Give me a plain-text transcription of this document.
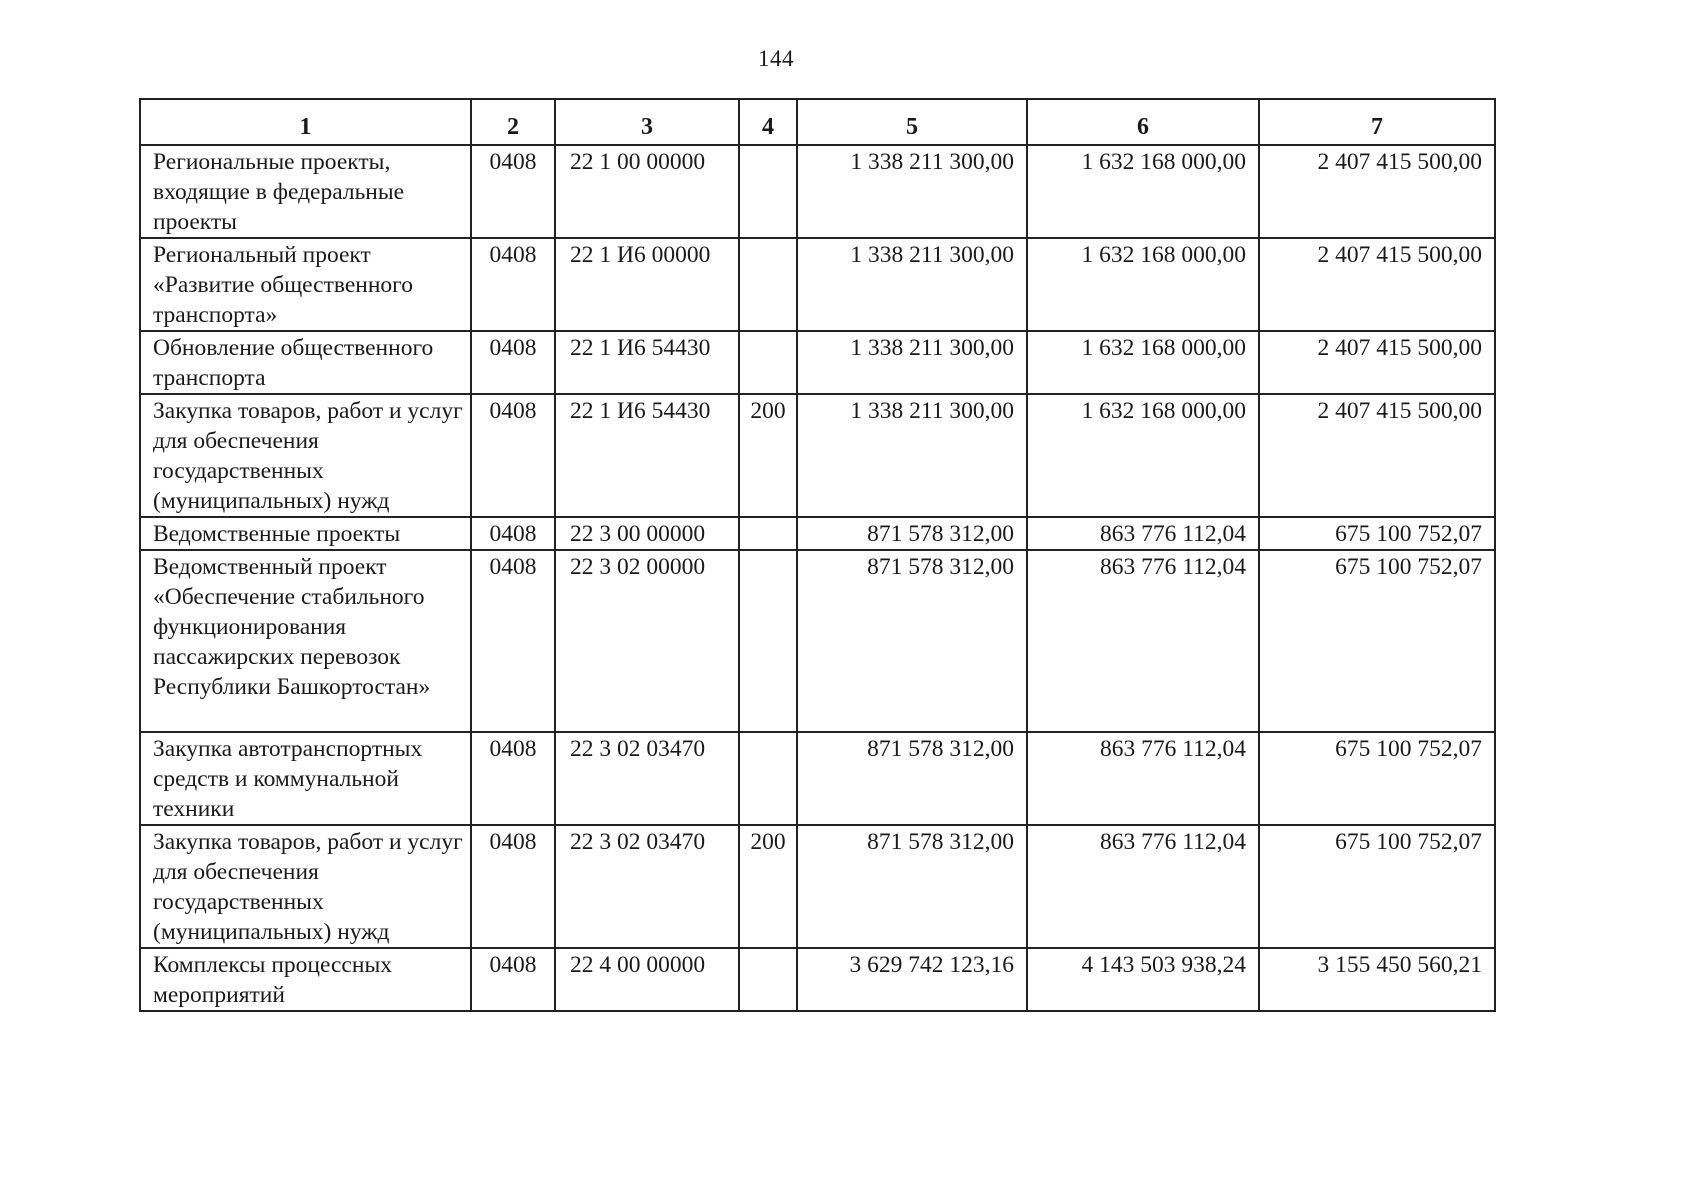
144
1	2	3	4	5	6	7
Региональные проекты, входящие в федеральные проекты	0408	22 1 00 00000		1 338 211 300,00	1 632 168 000,00	2 407 415 500,00
Региональный проект «Развитие общественного транспорта»	0408	22 1 И6 00000		1 338 211 300,00	1 632 168 000,00	2 407 415 500,00
Обновление общественного транспорта	0408	22 1 И6 54430		1 338 211 300,00	1 632 168 000,00	2 407 415 500,00
Закупка товаров, работ и услуг для обеспечения государственных (муниципальных) нужд	0408	22 1 И6 54430	200	1 338 211 300,00	1 632 168 000,00	2 407 415 500,00
Ведомственные проекты	0408	22 3 00 00000		871 578 312,00	863 776 112,04	675 100 752,07
Ведомственный проект «Обеспечение стабильного функционирования пассажирских перевозок Республики Башкортостан»	0408	22 3 02 00000		871 578 312,00	863 776 112,04	675 100 752,07
Закупка автотранспортных средств и коммунальной техники	0408	22 3 02 03470		871 578 312,00	863 776 112,04	675 100 752,07
Закупка товаров, работ и услуг для обеспечения государственных (муниципальных) нужд	0408	22 3 02 03470	200	871 578 312,00	863 776 112,04	675 100 752,07
Комплексы процессных мероприятий	0408	22 4 00 00000		3 629 742 123,16	4 143 503 938,24	3 155 450 560,21
